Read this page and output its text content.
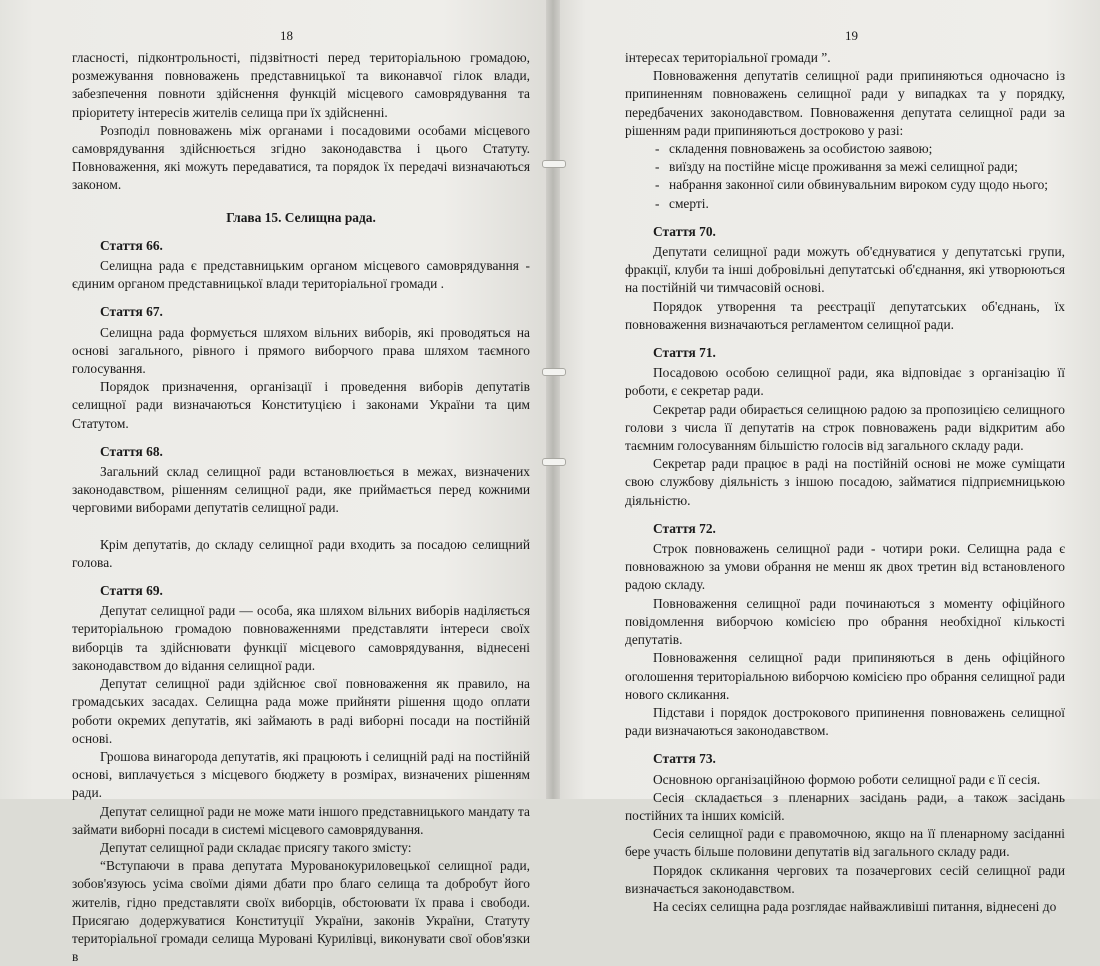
18

гласності, підконтрольності, підзвітності перед територіальною громадою, розмежування повноважень представницької та виконавчої гілок влади, забезпечення повноти здійснення функцій місцевого самоврядування та пріоритету інтересів жителів селища при їх здійсненні.

Розподіл повноважень між органами і посадовими особами місцевого самоврядування здійснюється згідно законодавства і цього Статуту. Повноваження, які можуть передаватися, та порядок їх передачі визначаються законом.

Глава 15. Селищна рада.
Стаття 66.

Селищна рада є представницьким органом місцевого самоврядування - єдиним органом представницької влади територіальної громади .

Стаття 67.

Селищна рада формується шляхом вільних виборів, які проводяться на основі загального, рівного і прямого виборчого права шляхом таємного голосування.

Порядок призначення, організації і проведення виборів депутатів селищної ради визначаються Конституцією і законами України та цим Статутом.

Стаття 68.

Загальний склад селищної ради встановлюється в межах, визначених законодавством, рішенням селищної ради, яке приймається перед кожними черговими виборами депутатів селищної ради.

Крім депутатів, до складу селищної ради входить за посадою селищний голова.

Стаття 69.

Депутат селищної ради — особа, яка шляхом вільних виборів наділяється територіальною громадою повноваженнями представляти інтереси своїх виборців та здійснювати функції місцевого самоврядування, віднесені законодавством до відання селищної ради.

Депутат селищної ради здійснює свої повноваження як правило, на громадських засадах. Селищна рада може прийняти рішення щодо оплати роботи окремих депутатів, які займають в раді виборні посади на постійній основі.

Грошова винагорода депутатів, які працюють і селищній раді на постійній основі, виплачується з місцевого бюджету в розмірах, визначених рішенням ради.

Депутат селищної ради не може мати іншого представницького мандату та займати виборні посади в системі місцевого самоврядування.

Депутат селищної ради складає присягу такого змісту:

“Вступаючи в права депутата Мурованокуриловецької селищної ради, зобов'язуюсь усіма своїми діями дбати про благо селища та добробут його жителів, гідно представляти своїх виборців, обстоювати їх права і свободи. Присягаю додержуватися Конституції України, законів України, Статуту територіальної громади селища Муровані Курилівці, виконувати свої обов'язки в

19

інтересах територіальної громади ”.

Повноваження депутатів селищної ради припиняються одночасно із припиненням повноважень селищної ради у випадках та у порядку, передбачених законодавством. Повноваження депутата селищної ради за рішенням ради припиняються достроково у разі:

- складення повноважень за особистою заявою;
- виїзду на постійне місце проживання за межі селищної ради;
- набрання законної сили обвинувальним вироком суду щодо нього;
- смерті.
Стаття 70.

Депутати селищної ради можуть об'єднуватися у депутатські групи, фракції, клуби та інші добровільні депутатські об'єднання, які утворюються на постійній чи тимчасовій основі.

Порядок утворення та реєстрації депутатських об'єднань, їх повноваження визначаються регламентом селищної ради.

Стаття 71.

Посадовою особою селищної ради, яка відповідає з організацію її роботи, є секретар ради.

Секретар ради обирається селищною радою за пропозицією селищного голови з числа її депутатів на строк повноважень ради відкритим або таємним голосуванням більшістю голосів від загального складу ради.

Секретар ради працює в раді на постійній основі не може суміщати свою службову діяльність з іншою посадою, займатися підприємницькою діяльністю.

Стаття 72.

Строк повноважень селищної ради - чотири роки. Селищна рада є повноважною за умови обрання не менш як двох третин від встановленого радою складу.

Повноваження селищної ради починаються з моменту офіційного повідомлення виборчою комісією про обрання необхідної кількості депутатів.

Повноваження селищної ради припиняються в день офіційного оголошення територіальною виборчою комісією про обрання селищної ради нового скликання.

Підстави і порядок дострокового припинення повноважень селищної ради визначаються законодавством.

Стаття 73.

Основною організаційною формою роботи селищної ради є її сесія.

Сесія складається з пленарних засідань ради, а також засідань постійних та інших комісій.

Сесія селищної ради є правомочною, якщо на її пленарному засіданні бере участь більше половини депутатів від загального складу ради.

Порядок скликання чергових та позачергових сесій селищної ради визначається законодавством.

На сесіях селищна рада розглядає найважливіші питання, віднесені до
